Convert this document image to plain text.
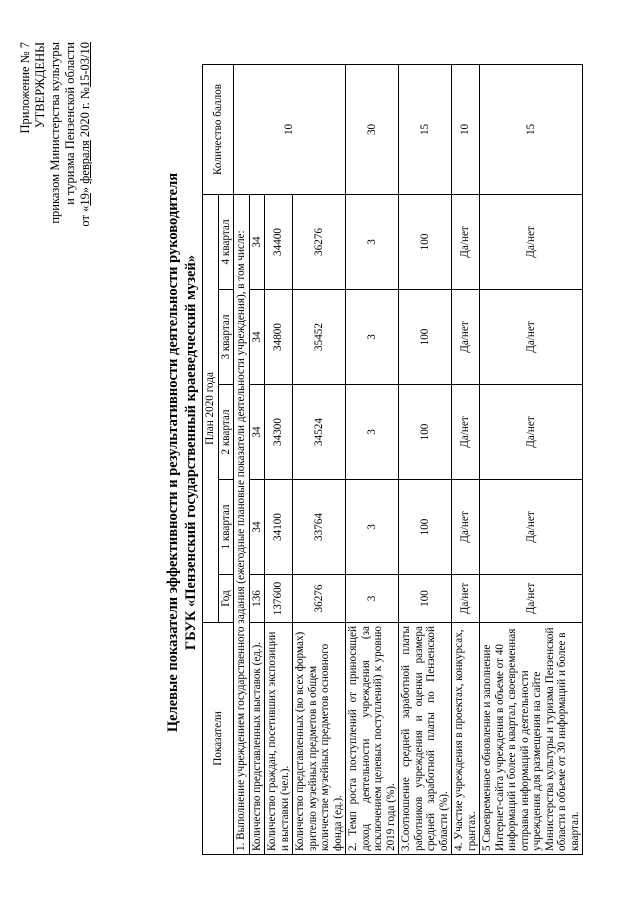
Приложение № 7 УТВЕРЖДЕНЫ приказом Министерства культуры и туризма Пензенской области
от «19» февраля 2020 г. №15-03/10
Целевые показатели эффективности и результативности деятельности руководителя ГБУК «Пензенский государственный краеведческий музей»
Показатели	План 2020 года					Количество баллов
	Год	1 квартал	2 квартал	3 квартал	4 квартал	
1. Выполнение учреждением государственного задания (ежегодные плановые показатели деятельности учреждения), в том числе:						10
Количество представленных выставок (ед.).	136	34	34	34	34	
Количество граждан, посетивших экспозиции и выставки (чел.).	137600	34100	34300	34800	34400	
Количество представленных (во всех формах) зрителю музейных предметов в общем количестве музейных предметов основного фонда (ед.).	36276	33764	34524	35452	36276	
2. Темп роста поступлений от приносящей доход деятельности учреждения (за исключением целевых поступлений) к уровню 2019 года (%).	3	3	3	3	3	30
3.Соотношение средней заработной платы работников учреждения и оценки размера средней заработной платы по Пензенской области (%).	100	100	100	100	100	15
4. Участие учреждения в проектах, конкурсах, грантах.	Да/нет	Да/нет	Да/нет	Да/нет	Да/нет	10
5 Своевременное обновление и заполнение Интернет-сайта учреждения в объеме от 40 информаций и более в квартал, своевременная отправка информаций о деятельности учреждения для размещения на сайте Министерства культуры и туризма Пензенской области в объеме от 30 информаций и более в квартал.	Да/нет	Да/нет	Да/нет	Да/нет	Да/нет	15
